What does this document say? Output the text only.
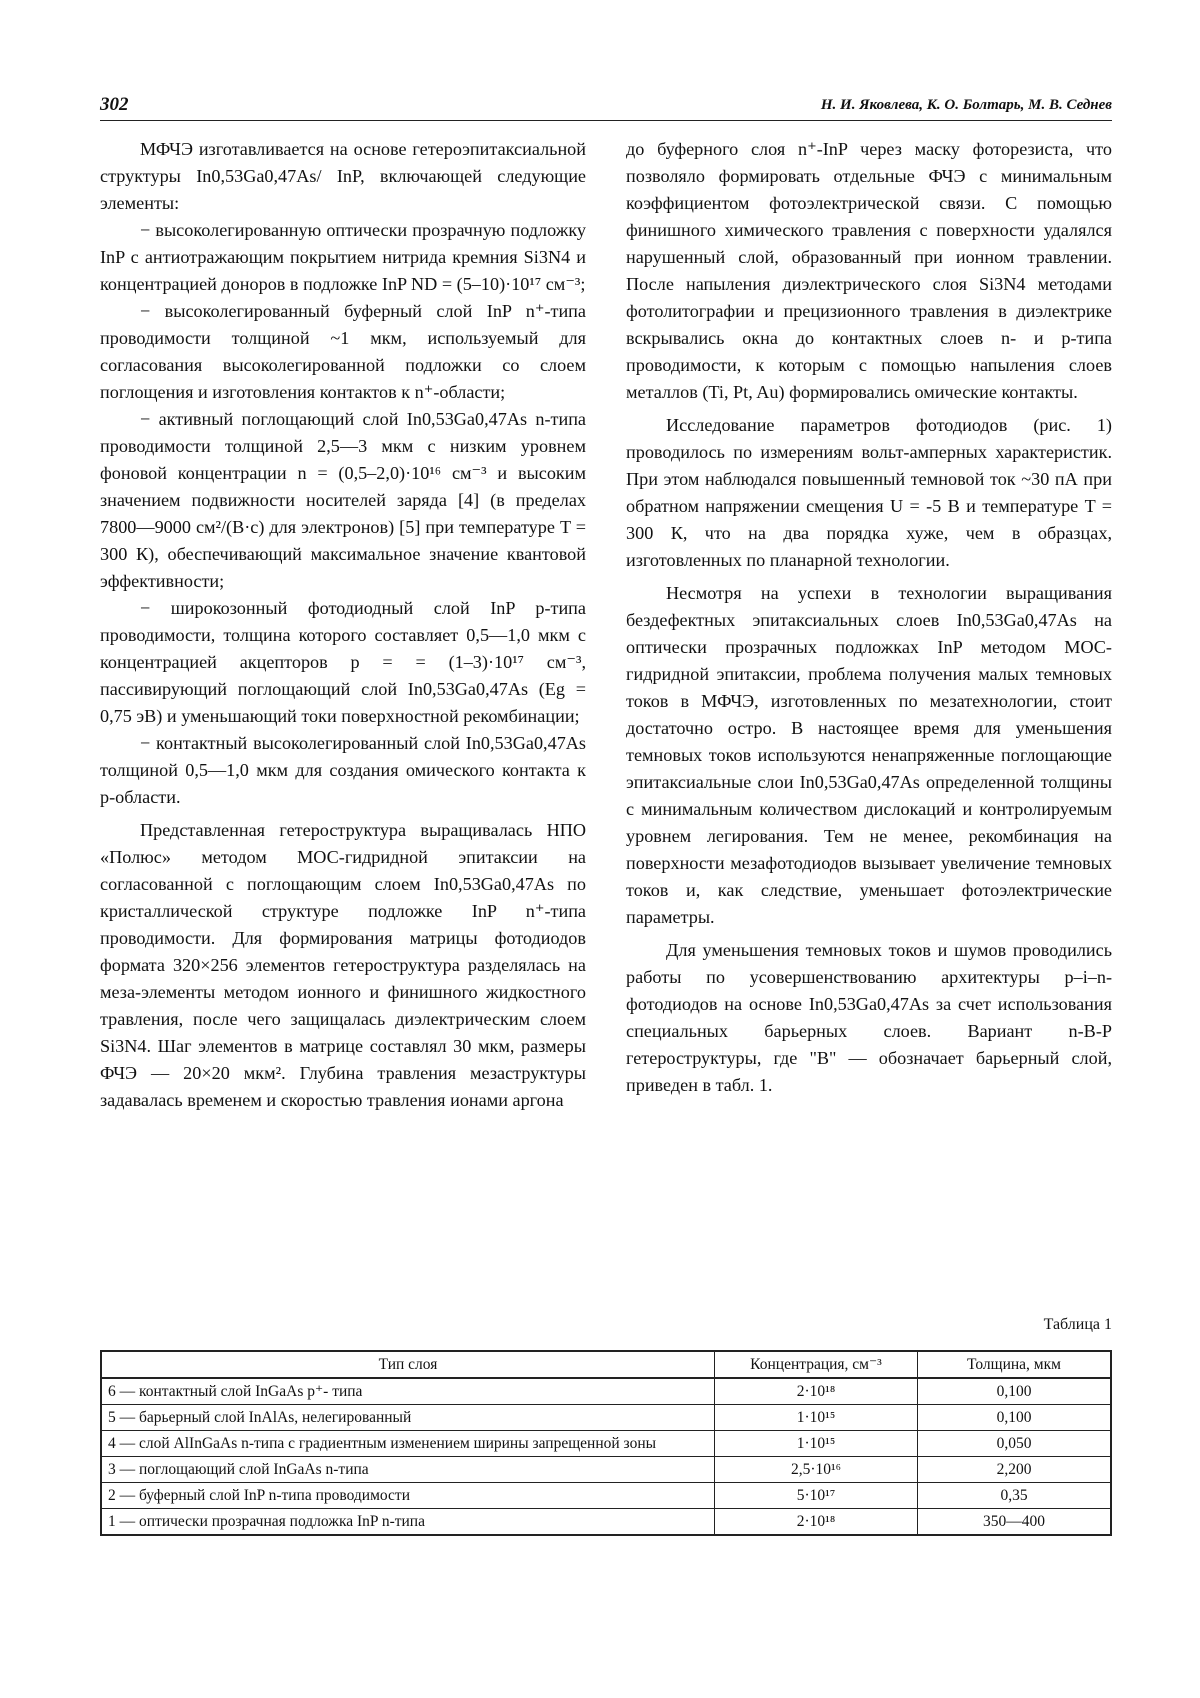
302	Н. И. Яковлева, К. О. Болтарь, М. В. Седнев

МФЧЭ изготавливается на основе гетероэпитаксиальной структуры In0,53Ga0,47As/ InP, включающей следующие элементы:

− высоколегированную оптически прозрачную подложку InP с антиотражающим покрытием нитрида кремния Si3N4 и концентрацией доноров в подложке InP ND = (5–10)·10¹⁷ см⁻³;

− высоколегированный буферный слой InP n⁺-типа проводимости толщиной ~1 мкм, используемый для согласования высоколегированной подложки со слоем поглощения и изготовления контактов к n⁺-области;

− активный поглощающий слой In0,53Ga0,47As n-типа проводимости толщиной 2,5—3 мкм с низким уровнем фоновой концентрации n = (0,5–2,0)·10¹⁶ см⁻³ и высоким значением подвижности носителей заряда [4] (в пределах 7800—9000 см²/(В·с) для электронов) [5] при температуре T = 300 К), обеспечивающий максимальное значение квантовой эффективности;

− широкозонный фотодиодный слой InP p-типа проводимости, толщина которого составляет 0,5—1,0 мкм с концентрацией акцепторов p = = (1–3)·10¹⁷ см⁻³, пассивирующий поглощающий слой In0,53Ga0,47As (Eg = 0,75 эВ) и уменьшающий токи поверхностной рекомбинации;

− контактный высоколегированный слой In0,53Ga0,47As толщиной 0,5—1,0 мкм для создания омического контакта к p-области.

Представленная гетероструктура выращивалась НПО «Полюс» методом МОС-гидридной эпитаксии на согласованной с поглощающим слоем In0,53Ga0,47As по кристаллической структуре подложке InP n⁺-типа проводимости. Для формирования матрицы фотодиодов формата 320×256 элементов гетероструктура разделялась на меза-элементы методом ионного и финишного жидкостного травления, после чего защищалась диэлектрическим слоем Si3N4. Шаг элементов в матрице составлял 30 мкм, размеры ФЧЭ — 20×20 мкм². Глубина травления мезаструктуры задавалась временем и скоростью травления ионами аргона

до буферного слоя n⁺-InP через маску фоторезиста, что позволяло формировать отдельные ФЧЭ с минимальным коэффициентом фотоэлектрической связи. С помощью финишного химического травления с поверхности удалялся нарушенный слой, образованный при ионном травлении. После напыления диэлектрического слоя Si3N4 методами фотолитографии и прецизионного травления в диэлектрике вскрывались окна до контактных слоев n- и p-типа проводимости, к которым с помощью напыления слоев металлов (Ti, Pt, Au) формировались омические контакты.

Исследование параметров фотодиодов (рис. 1) проводилось по измерениям вольт-амперных характеристик. При этом наблюдался повышенный темновой ток ~30 пА при обратном напряжении смещения U = -5 В и температуре T = 300 К, что на два порядка хуже, чем в образцах, изготовленных по планарной технологии.

Несмотря на успехи в технологии выращивания бездефектных эпитаксиальных слоев In0,53Ga0,47As на оптически прозрачных подложках InP методом МОС-гидридной эпитаксии, проблема получения малых темновых токов в МФЧЭ, изготовленных по мезатехнологии, стоит достаточно остро. В настоящее время для уменьшения темновых токов используются ненапряженные поглощающие эпитаксиальные слои In0,53Ga0,47As определенной толщины с минимальным количеством дислокаций и контролируемым уровнем легирования. Тем не менее, рекомбинация на поверхности мезафотодиодов вызывает увеличение темновых токов и, как следствие, уменьшает фотоэлектрические параметры.

Для уменьшения темновых токов и шумов проводились работы по усовершенствованию архитектуры p–i–n-фотодиодов на основе In0,53Ga0,47As за счет использования специальных барьерных слоев. Вариант n-B-P гетероструктуры, где "B" — обозначает барьерный слой, приведен в табл. 1.

Таблица 1
Тип слоя	Концентрация, см⁻³	Толщина, мкм
6 — контактный слой InGaAs p⁺- типа	2·10¹⁸	0,100
5 — барьерный слой InAlAs, нелегированный	1·10¹⁵	0,100
4 — слой AlInGaAs n-типа с градиентным изменением ширины запрещенной зоны	1·10¹⁵	0,050
3 — поглощающий слой InGaAs n-типа	2,5·10¹⁶	2,200
2 — буферный слой InP n-типа проводимости	5·10¹⁷	0,35
1 — оптически прозрачная подложка InP n-типа	2·10¹⁸	350—400
